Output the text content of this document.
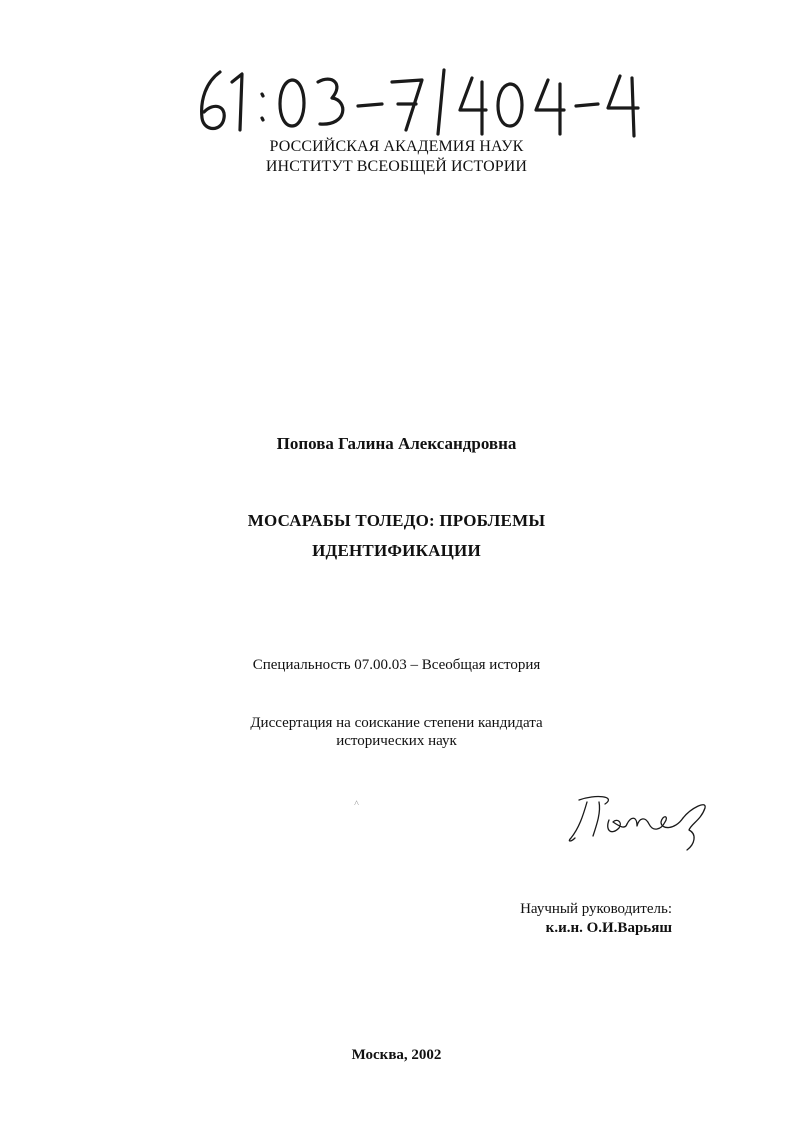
РОССИЙСКАЯ АКАДЕМИЯ НАУК
ИНСТИТУТ ВСЕОБЩЕЙ ИСТОРИИ
Попова Галина Александровна
МОСАРАБЫ ТОЛЕДО: ПРОБЛЕМЫ
ИДЕНТИФИКАЦИИ
Специальность 07.00.03 – Всеобщая история
Диссертация на соискание степени кандидата
исторических наук
˄
Научный руководитель:
к.и.н. О.И.Варьяш
Москва, 2002
